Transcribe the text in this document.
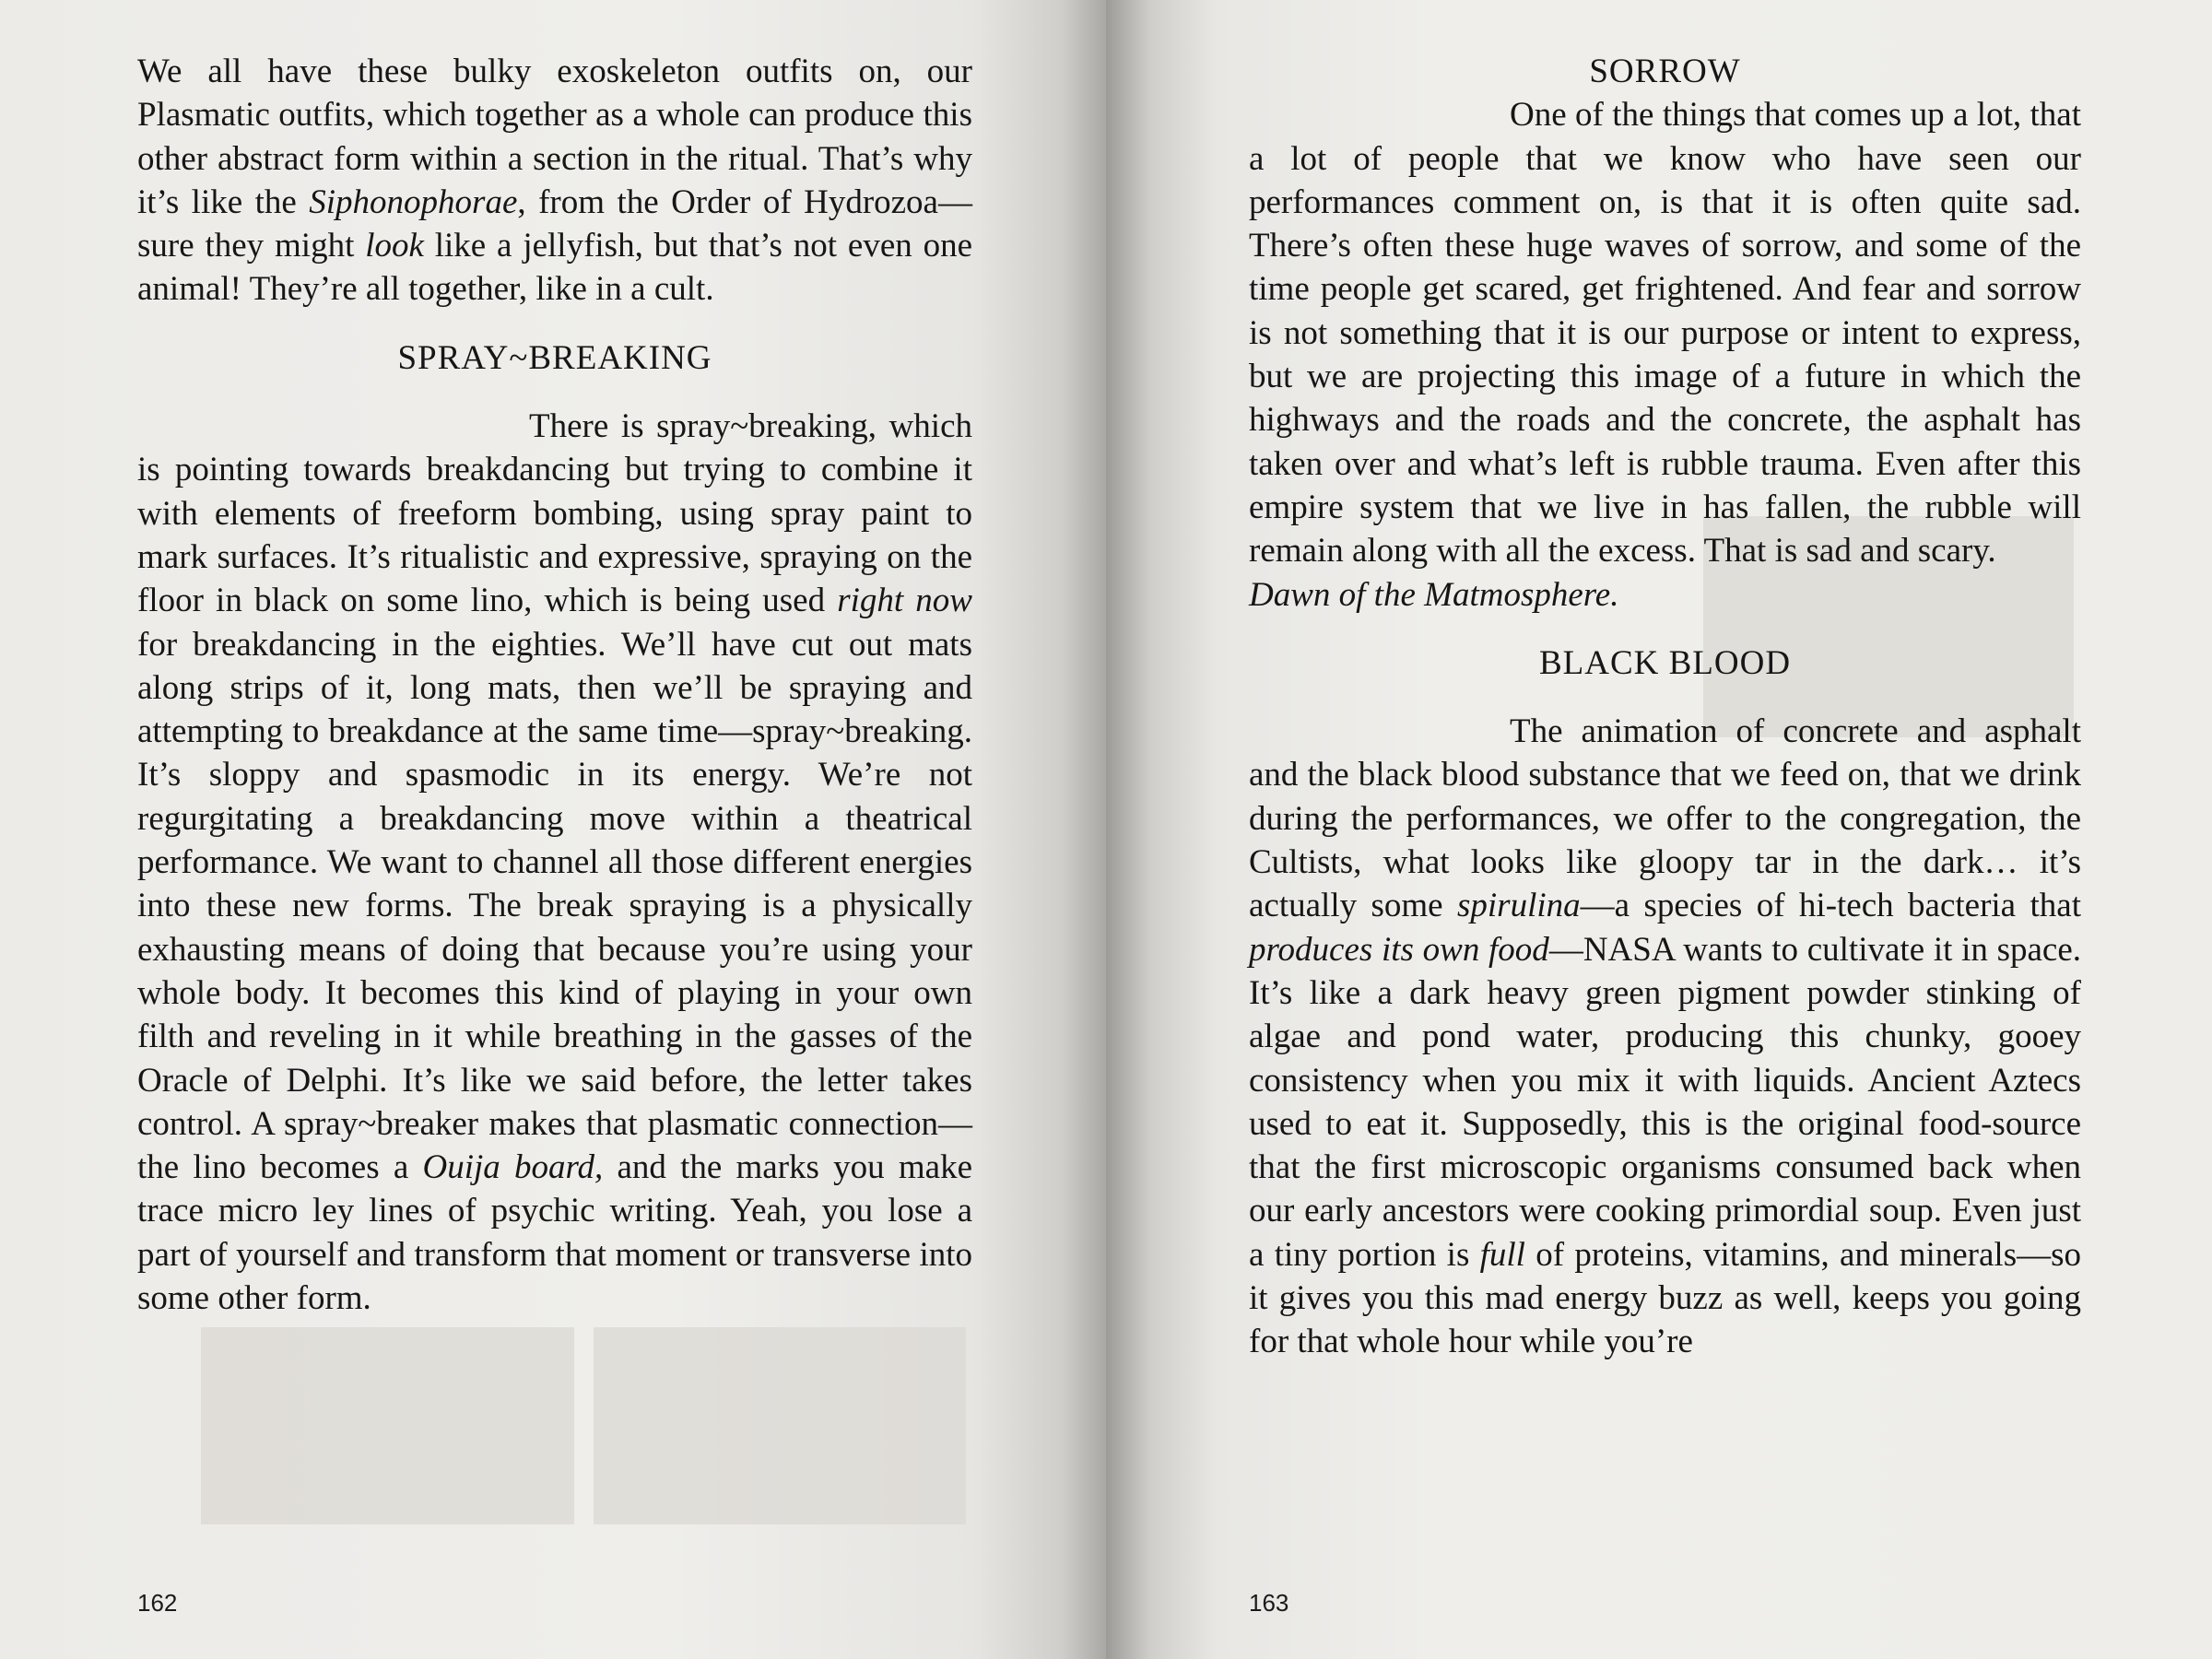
We all have these bulky exoskeleton outfits on, our Plasmatic outfits, which together as a whole can produce this other abstract form within a section in the ritual. That’s why it’s like the Siphonophorae, from the Order of Hydrozoa—sure they might look like a jellyfish, but that’s not even one animal! They’re all together, like in a cult.

SPRAY~BREAKING

There is spray~breaking, which is pointing towards breakdancing but trying to combine it with elements of freeform bombing, using spray paint to mark surfaces. It’s ritualistic and expressive, spraying on the floor in black on some lino, which is being used right now for breakdancing in the eighties. We’ll have cut out mats along strips of it, long mats, then we’ll be spraying and attempting to breakdance at the same time—spray~breaking. It’s sloppy and spasmodic in its energy. We’re not regurgitating a breakdancing move within a theatrical performance. We want to channel all those different energies into these new forms. The break spraying is a physically exhausting means of doing that because you’re using your whole body. It becomes this kind of playing in your own filth and reveling in it while breathing in the gasses of the Oracle of Delphi. It’s like we said before, the letter takes control. A spray~breaker makes that plasmatic connection—the lino becomes a Ouija board, and the marks you make trace micro ley lines of psychic writing. Yeah, you lose a part of yourself and transform that moment or transverse into some other form.

162

SORROW

One of the things that comes up a lot, that a lot of people that we know who have seen our performances comment on, is that it is often quite sad. There’s often these huge waves of sorrow, and some of the time people get scared, get frightened. And fear and sorrow is not something that it is our purpose or intent to express, but we are projecting this image of a future in which the highways and the roads and the concrete, the asphalt has taken over and what’s left is rubble trauma. Even after this empire system that we live in has fallen, the rubble will remain along with all the excess. That is sad and scary.
Dawn of the Matmosphere.

BLACK BLOOD

The animation of concrete and asphalt and the black blood substance that we feed on, that we drink during the performances, we offer to the congregation, the Cultists, what looks like gloopy tar in the dark… it’s actually some spirulina—a species of hi-tech bacteria that produces its own food—NASA wants to cultivate it in space. It’s like a dark heavy green pigment powder stinking of algae and pond water, producing this chunky, gooey consistency when you mix it with liquids. Ancient Aztecs used to eat it. Supposedly, this is the original food-source that the first microscopic organisms consumed back when our early ancestors were cooking primordial soup. Even just a tiny portion is full of proteins, vitamins, and minerals—so it gives you this mad energy buzz as well, keeps you going for that whole hour while you’re

163
